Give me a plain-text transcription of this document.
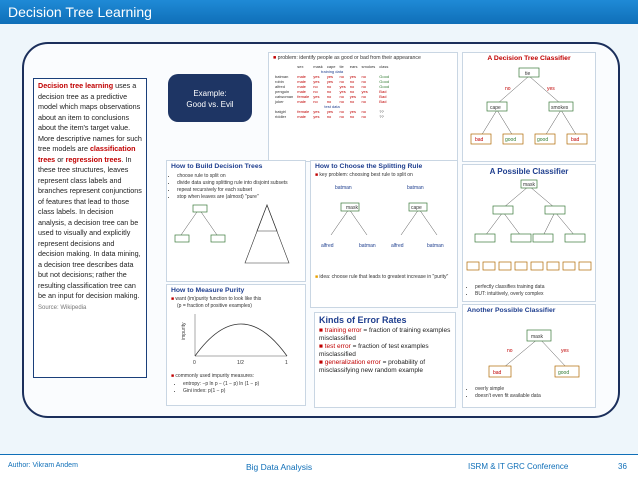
Decision Tree Learning

■ problem: identify people as good or bad from their appearance

	sex	mask	cape	tie	ears	smokes	class
training data							
batman	male	yes	yes	no	yes	no	Good
robin	male	yes	yes	no	no	no	Good
alfred	male	no	no	yes	no	no	Good
penguin	male	no	no	yes	no	yes	Bad
catwoman	female	yes	no	no	yes	no	Bad
joker	male	no	no	no	no	no	Bad
test data							
batgirl	female	yes	yes	no	yes	no	??
riddler	male	yes	no	no	no	no	??
A Decision Tree Classifier
tie
cape	smokes
bad	good	good	bad
no	yes
How to Build Decision Trees
• choose rule to split on
• divide data using splitting rule into disjoint subsets
• repeat recursively for each subset
• stop when leaves are (almost) "pure"
How to Choose the Splitting Rule

■ key problem: choosing best rule to split on

mask	cape
batman	batman
alfred	batman	alfred	batman

■ idea: choose rule that leads to greatest increase in "purity"

A Possible Classifier
mask
• perfectly classifies training data
• BUT: intuitively, overly complex
How to Measure Purity

■ want (im)purity function to look like this

(p = fraction of positive examples)

impurity
0	1/2	1

■ commonly used impurity measures:

• entropy: −p ln p − (1 − p) ln (1 − p)
• Gini index: p(1 − p)
Kinds of Error Rates
■ training error = fraction of training examples misclassified
■ test error = fraction of test examples misclassified
■ generalization error = probability of misclassifying new random example
Another Possible Classifier
mask
bad	good
no	yes
• overly simple
• doesn't even fit available data
Decision tree learning uses a decision tree as a predictive model which maps observations about an item to conclusions about the item's target value. More descriptive names for such tree models are classification trees or regression trees. In these tree structures, leaves represent class labels and branches represent conjunctions of features that lead to those class labels. In decision analysis, a decision tree can be used to visually and explicitly represent decisions and decision making. In data mining, a decision tree describes data but not decisions; rather the resulting classification tree can be an input for decision making. Source: Wikipedia
Example:
Good vs. Evil
Author: Vikram Andem	Big Data Analysis	ISRM & IT GRC Conference	36
